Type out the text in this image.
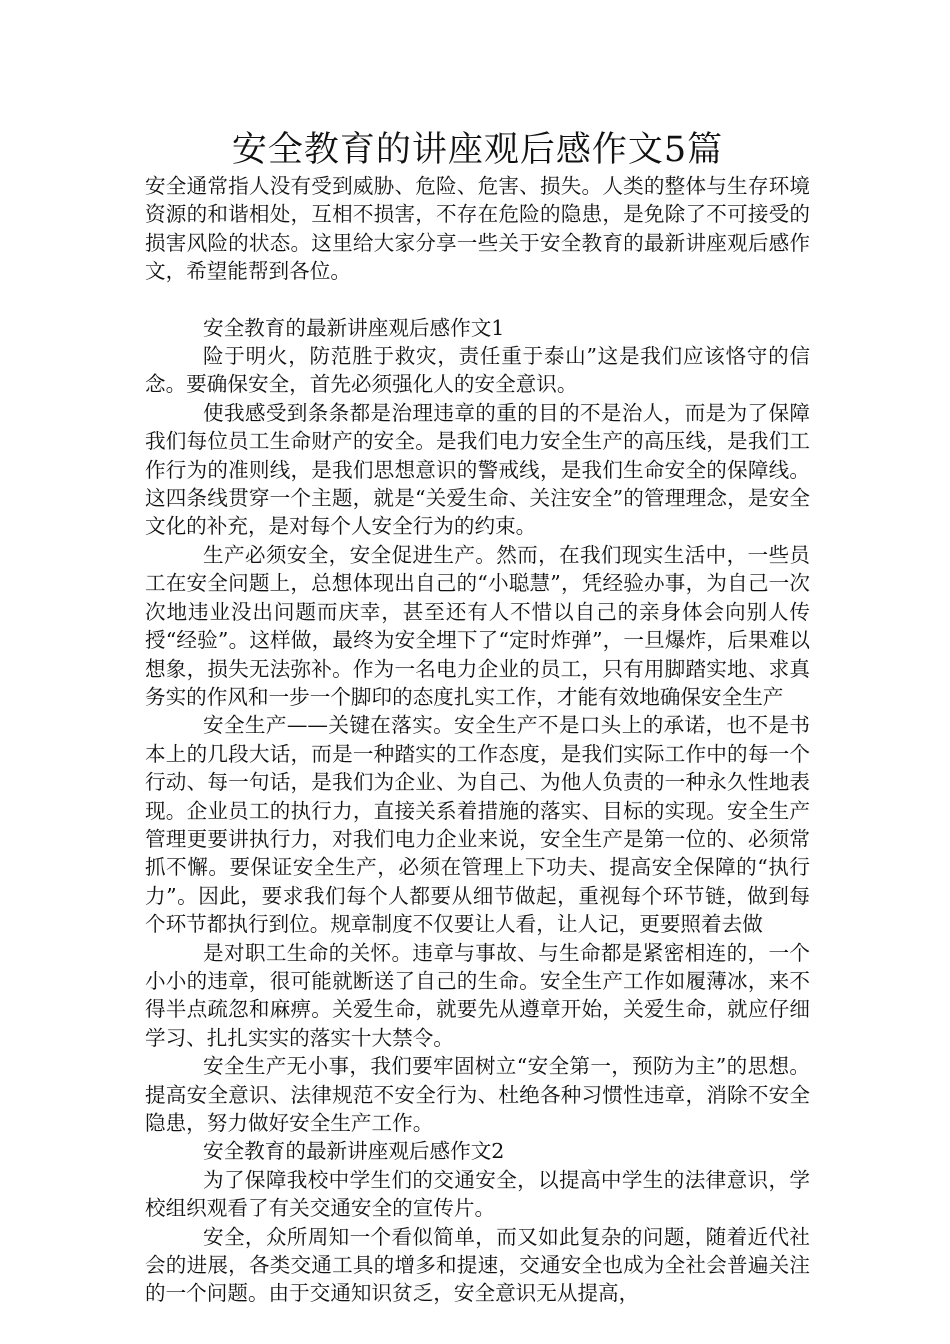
安全教育的讲座观后感作文5篇

安全通常指人没有受到威胁、危险、危害、损失。人类的整体与生存环境资源的和谐相处，互相不损害，不存在危险的隐患，是免除了不可接受的损害风险的状态。这里给大家分享一些关于安全教育的最新讲座观后感作文，希望能帮到各位。

安全教育的最新讲座观后感作文1

险于明火，防范胜于救灾，责任重于泰山”这是我们应该恪守的信念。要确保安全，首先必须强化人的安全意识。

使我感受到条条都是治理违章的重的目的不是治人，而是为了保障我们每位员工生命财产的安全。是我们电力安全生产的高压线，是我们工作行为的准则线，是我们思想意识的警戒线，是我们生命安全的保障线。这四条线贯穿一个主题，就是“关爱生命、关注安全”的管理理念，是安全文化的补充，是对每个人安全行为的约束。

生产必须安全，安全促进生产。然而，在我们现实生活中，一些员工在安全问题上，总想体现出自己的“小聪慧”，凭经验办事，为自己一次次地违业没出问题而庆幸，甚至还有人不惜以自己的亲身体会向别人传授“经验”。这样做，最终为安全埋下了“定时炸弹”，一旦爆炸，后果难以想象，损失无法弥补。作为一名电力企业的员工，只有用脚踏实地、求真务实的作风和一步一个脚印的态度扎实工作，才能有效地确保安全生产

安全生产——关键在落实。安全生产不是口头上的承诺，也不是书本上的几段大话，而是一种踏实的工作态度，是我们实际工作中的每一个行动、每一句话，是我们为企业、为自己、为他人负责的一种永久性地表现。企业员工的执行力，直接关系着措施的落实、目标的实现。安全生产管理更要讲执行力，对我们电力企业来说，安全生产是第一位的、必须常抓不懈。要保证安全生产，必须在管理上下功夫、提高安全保障的“执行力”。因此，要求我们每个人都要从细节做起，重视每个环节链，做到每个环节都执行到位。规章制度不仅要让人看，让人记，更要照着去做

是对职工生命的关怀。违章与事故、与生命都是紧密相连的，一个小小的违章，很可能就断送了自己的生命。安全生产工作如履薄冰，来不得半点疏忽和麻痹。关爱生命，就要先从遵章开始，关爱生命，就应仔细学习、扎扎实实的落实十大禁令。

安全生产无小事，我们要牢固树立“安全第一，预防为主”的思想。提高安全意识、法律规范不安全行为、杜绝各种习惯性违章，消除不安全隐患，努力做好安全生产工作。

安全教育的最新讲座观后感作文2

为了保障我校中学生们的交通安全，以提高中学生的法律意识，学校组织观看了有关交通安全的宣传片。

安全，众所周知一个看似简单，而又如此复杂的问题，随着近代社会的进展，各类交通工具的增多和提速，交通安全也成为全社会普遍关注的一个问题。由于交通知识贫乏，安全意识无从提高，
